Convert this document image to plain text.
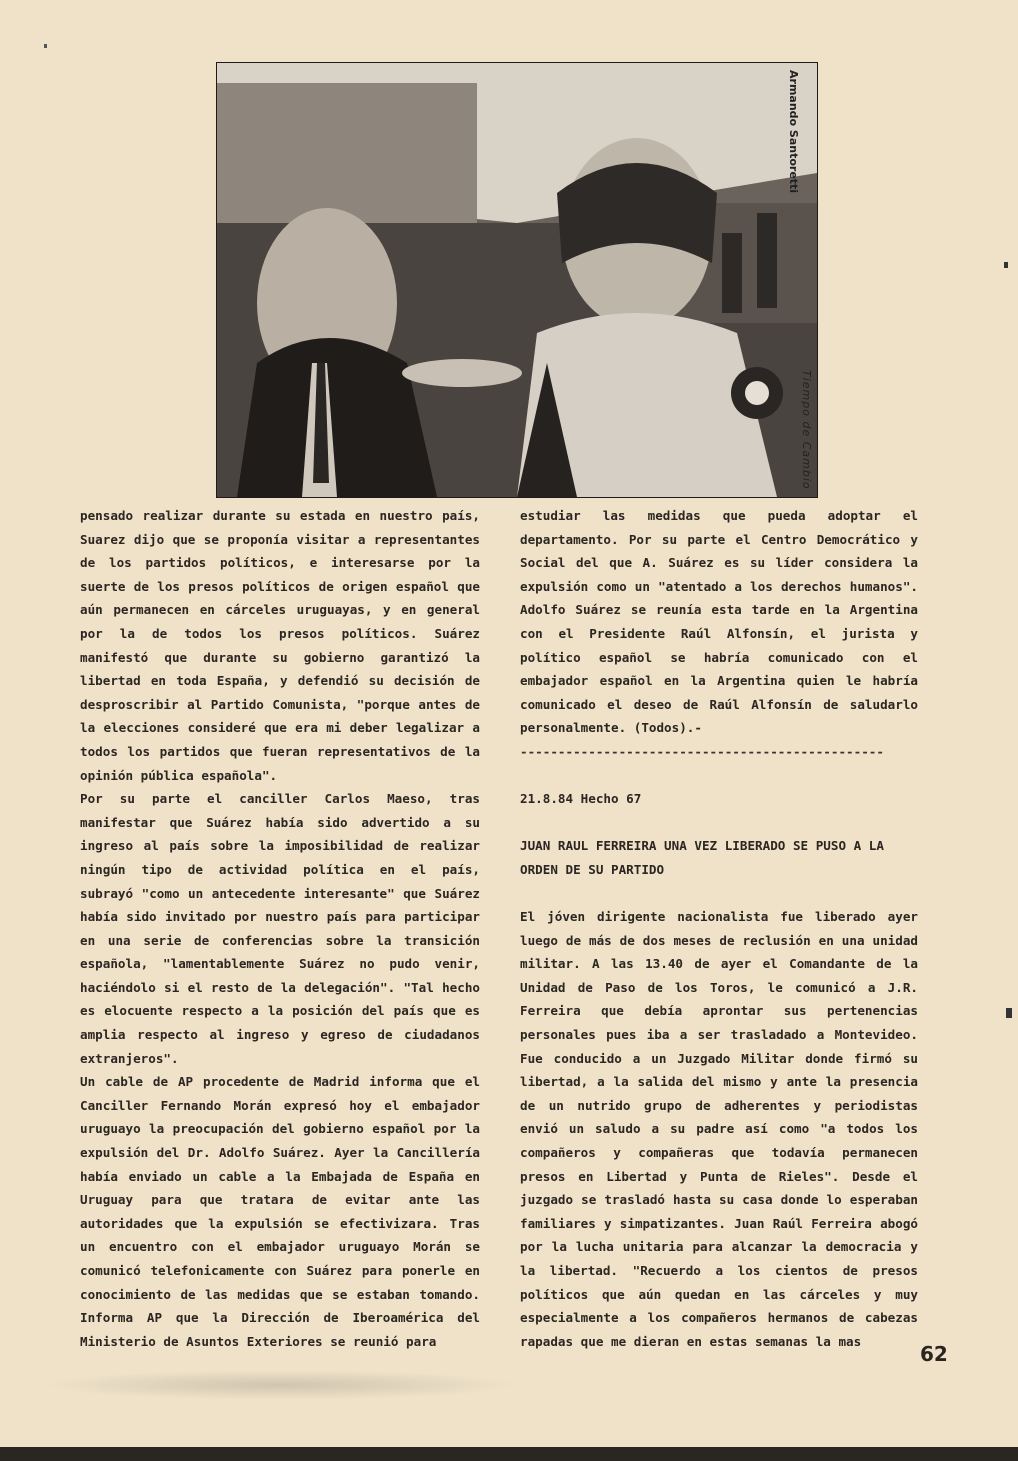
Armando Santoretti
Tiempo de Cambio

pensado realizar durante su estada en nuestro país, Suarez dijo que se proponía visitar a representantes de los partidos políticos, e interesarse por la suerte de los presos políticos de origen español que aún permanecen en cárceles uruguayas, y en general por la de todos los presos políticos. Suárez manifestó que durante su gobierno garantizó la libertad en toda España, y defendió su decisión de desproscribir al Partido Comunista, "porque antes de la elecciones consideré que era mi deber legalizar a todos los partidos que fueran representativos de la opinión pública española".

Por su parte el canciller Carlos Maeso, tras manifestar que Suárez había sido advertido a su ingreso al país sobre la imposibilidad de realizar ningún tipo de actividad política en el país, subrayó "como un antecedente interesante" que Suárez había sido invitado por nuestro país para participar en una serie de conferencias sobre la transición española, "lamentablemente Suárez no pudo venir, haciéndolo si el resto de la delegación". "Tal hecho es elocuente respecto a la posición del país que es amplia respecto al ingreso y egreso de ciudadanos extranjeros".

Un cable de AP procedente de Madrid informa que el Canciller Fernando Morán expresó hoy el embajador uruguayo la preocupación del gobierno español por la expulsión del Dr. Adolfo Suárez. Ayer la Cancillería había enviado un cable a la Embajada de España en Uruguay para que tratara de evitar ante las autoridades que la expulsión se efectivizara. Tras un encuentro con el embajador uruguayo Morán se comunicó telefonicamente con Suárez para ponerle en conocimiento de las medidas que se estaban tomando. Informa AP que la Dirección de Iberoamérica del Ministerio de Asuntos Exteriores se reunió para

estudiar las medidas que pueda adoptar el departamento. Por su parte el Centro Democrático y Social del que A. Suárez es su líder considera la expulsión como un "atentado a los derechos humanos". Adolfo Suárez se reunía esta tarde en la Argentina con el Presidente Raúl Alfonsín, el jurista y político español se habría comunicado con el embajador español en la Argentina quien le habría comunicado el deseo de Raúl Alfonsín de saludarlo personalmente. (Todos).-

------------------------------------------------

21.8.84 Hecho 67

JUAN RAUL FERREIRA UNA VEZ LIBERADO SE PUSO A LA ORDEN DE SU PARTIDO

El jóven dirigente nacionalista fue liberado ayer luego de más de dos meses de reclusión en una unidad militar. A las 13.40 de ayer el Comandante de la Unidad de Paso de los Toros, le comunicó a J.R. Ferreira que debía aprontar sus pertenencias personales pues iba a ser trasladado a Montevideo. Fue conducido a un Juzgado Militar donde firmó su libertad, a la salida del mismo y ante la presencia de un nutrido grupo de adherentes y periodistas envió un saludo a su padre así como "a todos los compañeros y compañeras que todavía permanecen presos en Libertad y Punta de Rieles". Desde el juzgado se trasladó hasta su casa donde lo esperaban familiares y simpatizantes. Juan Raúl Ferreira abogó por la lucha unitaria para alcanzar la democracia y la libertad. "Recuerdo a los cientos de presos políticos que aún quedan en las cárceles y muy especialmente a los compañeros hermanos de cabezas rapadas que me dieran en estas semanas la mas

62
